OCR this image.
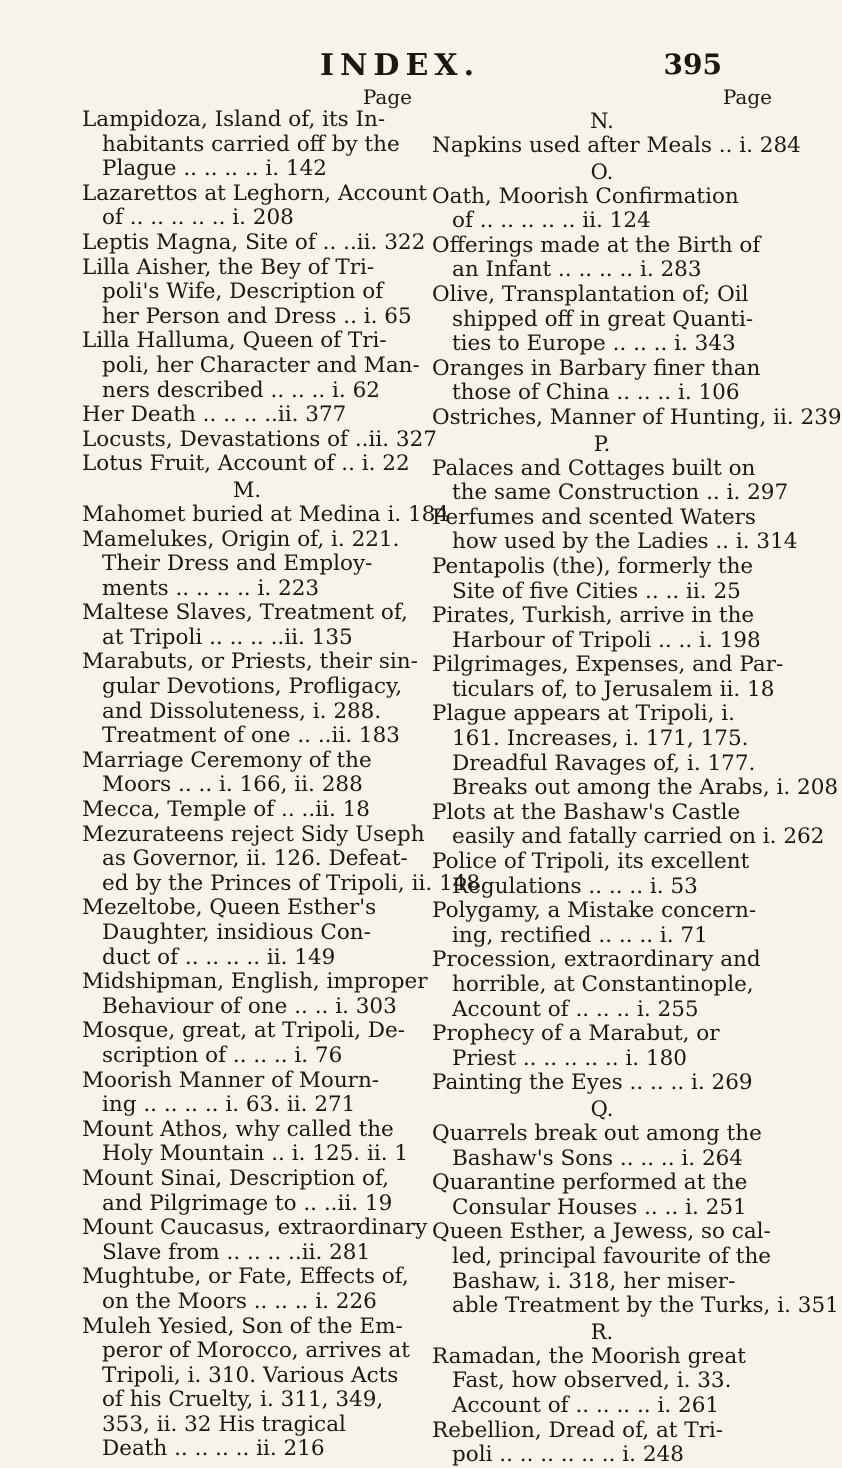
INDEX.	395
Page
Lampidoza, Island of, its In-
habitants carried off by the
Plague .. .. .. .. i. 142
Lazarettos at Leghorn, Account
of .. .. .. .. .. i. 208
Leptis Magna, Site of .. ..ii. 322
Lilla Aisher, the Bey of Tri-
poli's Wife, Description of
her Person and Dress .. i. 65
Lilla Halluma, Queen of Tri-
poli, her Character and Man-
ners described .. .. .. i. 62
Her Death .. .. .. ..ii. 377
Locusts, Devastations of ..ii. 327
Lotus Fruit, Account of .. i. 22
M.
Mahomet buried at Medina i. 184
Mamelukes, Origin of, i. 221.
Their Dress and Employ-
ments .. .. .. .. i. 223
Maltese Slaves, Treatment of,
at Tripoli .. .. .. ..ii. 135
Marabuts, or Priests, their sin-
gular Devotions, Profligacy,
and Dissoluteness, i. 288.
Treatment of one .. ..ii. 183
Marriage Ceremony of the
Moors .. .. i. 166, ii. 288
Mecca, Temple of .. ..ii. 18
Mezurateens reject Sidy Useph
as Governor, ii. 126. Defeat-
ed by the Princes of Tripoli, ii. 148
Mezeltobe, Queen Esther's
Daughter, insidious Con-
duct of .. .. .. .. ii. 149
Midshipman, English, improper
Behaviour of one .. .. i. 303
Mosque, great, at Tripoli, De-
scription of .. .. .. i. 76
Moorish Manner of Mourn-
ing .. .. .. .. i. 63. ii. 271
Mount Athos, why called the
Holy Mountain .. i. 125. ii. 1
Mount Sinai, Description of,
and Pilgrimage to .. ..ii. 19
Mount Caucasus, extraordinary
Slave from .. .. .. ..ii. 281
Mughtube, or Fate, Effects of,
on the Moors .. .. .. i. 226
Muleh Yesied, Son of the Em-
peror of Morocco, arrives at
Tripoli, i. 310. Various Acts
of his Cruelty, i. 311, 349,
353, ii. 32 His tragical
Death .. .. .. .. ii. 216
Page
N.
Napkins used after Meals .. i. 284
O.
Oath, Moorish Confirmation
of .. .. .. .. .. ii. 124
Offerings made at the Birth of
an Infant .. .. .. .. i. 283
Olive, Transplantation of; Oil
shipped off in great Quanti-
ties to Europe .. .. .. i. 343
Oranges in Barbary finer than
those of China .. .. .. i. 106
Ostriches, Manner of Hunting, ii. 239
P.
Palaces and Cottages built on
the same Construction .. i. 297
Perfumes and scented Waters
how used by the Ladies .. i. 314
Pentapolis (the), formerly the
Site of five Cities .. .. ii. 25
Pirates, Turkish, arrive in the
Harbour of Tripoli .. .. i. 198
Pilgrimages, Expenses, and Par-
ticulars of, to Jerusalem ii. 18
Plague appears at Tripoli, i.
161. Increases, i. 171, 175.
Dreadful Ravages of, i. 177.
Breaks out among the Arabs, i. 208
Plots at the Bashaw's Castle
easily and fatally carried on i. 262
Police of Tripoli, its excellent
Regulations .. .. .. i. 53
Polygamy, a Mistake concern-
ing, rectified .. .. .. i. 71
Procession, extraordinary and
horrible, at Constantinople,
Account of .. .. .. i. 255
Prophecy of a Marabut, or
Priest .. .. .. .. .. i. 180
Painting the Eyes .. .. .. i. 269
Q.
Quarrels break out among the
Bashaw's Sons .. .. .. i. 264
Quarantine performed at the
Consular Houses .. .. i. 251
Queen Esther, a Jewess, so cal-
led, principal favourite of the
Bashaw, i. 318, her miser-
able Treatment by the Turks, i. 351
R.
Ramadan, the Moorish great
Fast, how observed, i. 33.
Account of .. .. .. .. i. 261
Rebellion, Dread of, at Tri-
poli .. .. .. .. .. .. i. 248
